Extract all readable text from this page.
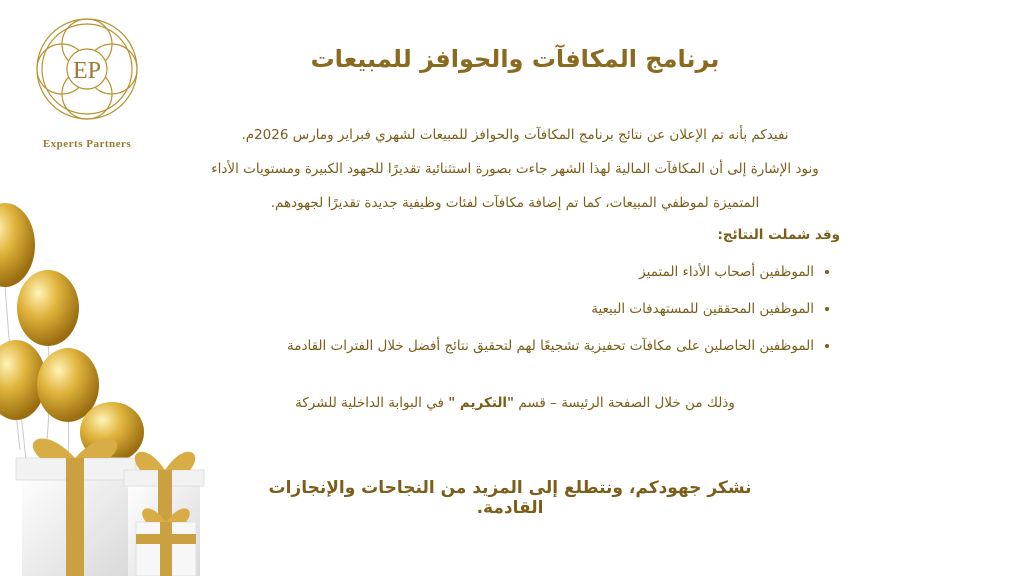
EP
Experts Partners
برنامج المكافآت والحوافز للمبيعات
نفيدكم بأنه تم الإعلان عن نتائج برنامج المكافآت والحوافز للمبيعات لشهري فبراير ومارس 2026م.
ونود الإشارة إلى أن المكافآت المالية لهذا الشهر جاءت بصورة استثنائية تقديرًا للجهود الكبيرة ومستويات الأداء
المتميزة لموظفي المبيعات، كما تم إضافة مكافآت لفئات وظيفية جديدة تقديرًا لجهودهم.
وقد شملت النتائج:
• الموظفين أصحاب الأداء المتميز
• الموظفين المحققين للمستهدفات البيعية
• الموظفين الحاصلين على مكافآت تحفيزية تشجيعًا لهم لتحقيق نتائج أفضل خلال الفترات القادمة
وذلك من خلال الصفحة الرئيسة – قسم "التكريم " في البوابة الداخلية للشركة
نشكر جهودكم، ونتطلع إلى المزيد من النجاحات والإنجازات القادمة.
